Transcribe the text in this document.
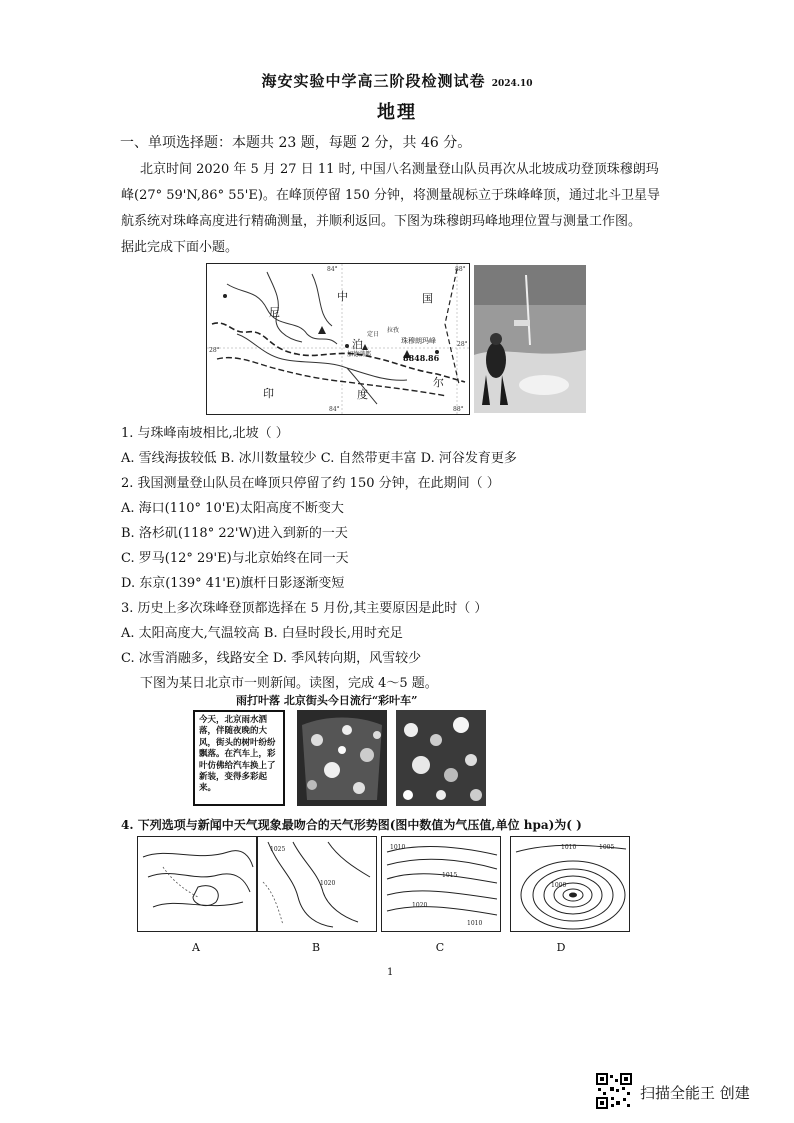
海安实验中学高三阶段检测试卷 2024.10
地理
一、单项选择题：本题共 23 题，每题 2 分，共 46 分。
北京时间 2020 年 5 月 27 日 11 时, 中国八名测量登山队员再次从北坡成功登顶珠穆朗玛
峰(27° 59'N,86° 55'E)。在峰顶停留 150 分钟，将测量觇标立于珠峰峰顶，通过北斗卫星导
航系统对珠峰高度进行精确测量，并顺利返回。下图为珠穆朗玛峰地理位置与测量工作图。
据此完成下面小题。
84°	88°
84°	88°
28°
28°
中	国
尼
泊
尔
印	度
珠穆朗玛峰
8848.86
加德满都
拉孜
定日
1. 与珠峰南坡相比,北坡（ ）
A. 雪线海拔较低 B. 冰川数量较少 C. 自然带更丰富 D. 河谷发育更多
2. 我国测量登山队员在峰顶只停留了约 150 分钟，在此期间（ ）
A. 海口(110° 10'E)太阳高度不断变大
B. 洛杉矶(118° 22'W)进入到新的一天
C. 罗马(12° 29'E)与北京始终在同一天
D. 东京(139° 41'E)旗杆日影逐渐变短
3. 历史上多次珠峰登顶都选择在 5 月份,其主要原因是此时（ ）
A. 太阳高度大,气温较高 B. 白昼时段长,用时充足
C. 冰雪消融多，线路安全 D. 季风转向期，风雪较少
下图为某日北京市一则新闻。读图，完成 4～5 题。
雨打叶落 北京街头今日流行“彩叶车”
今天，北京雨水洒落，伴随夜晚的大风，街头的树叶纷纷飘落。在汽车上，彩叶仿佛给汽车换上了新装，变得多彩起来。
4. 下列选项与新闻中天气现象最吻合的天气形势图(图中数值为气压值,单位 hpa)为( )
1025
1020
1010
1015
1020
1010
1010	1005
1000
A	B	C	D
1
扫描全能王 创建
